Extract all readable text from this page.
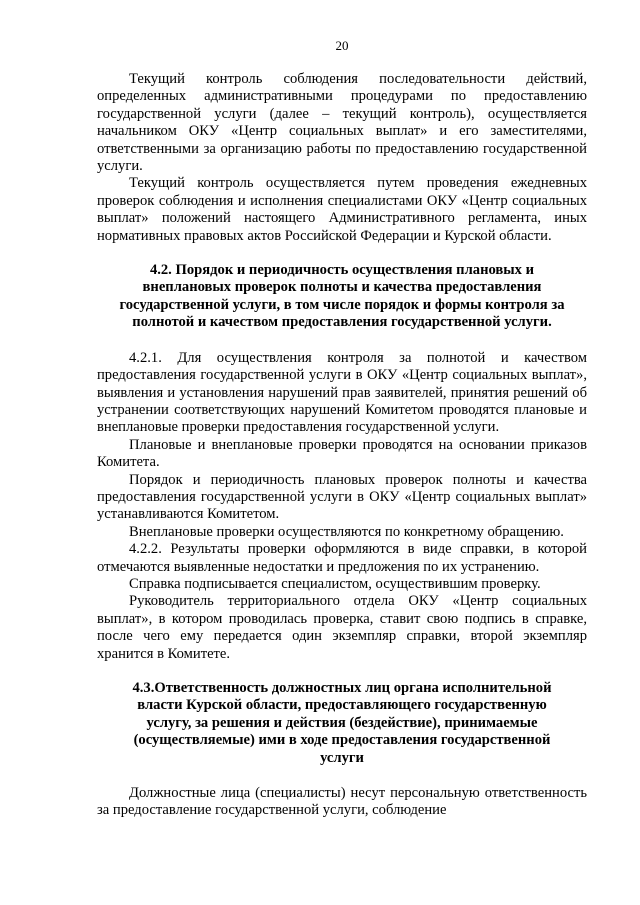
20

Текущий контроль соблюдения последовательности действий, определенных административными процедурами по предоставлению государственной услуги (далее – текущий контроль), осуществляется начальником ОКУ «Центр социальных выплат» и его заместителями, ответственными за организацию работы по предоставлению государственной услуги.

Текущий контроль осуществляется путем проведения ежедневных проверок соблюдения и исполнения специалистами ОКУ «Центр социальных выплат» положений настоящего Административного регламента, иных нормативных правовых актов Российской Федерации и Курской области.

4.2. Порядок и периодичность осуществления плановых и внеплановых проверок полноты и качества предоставления государственной услуги, в том числе порядок и формы контроля за полнотой и качеством предоставления государственной услуги.

4.2.1. Для осуществления контроля за полнотой и качеством предоставления государственной услуги в ОКУ «Центр социальных выплат», выявления и установления нарушений прав заявителей, принятия решений об устранении соответствующих нарушений Комитетом проводятся плановые и внеплановые проверки предоставления государственной услуги.

Плановые и внеплановые проверки проводятся на основании приказов Комитета.

Порядок и периодичность плановых проверок полноты и качества предоставления государственной услуги в ОКУ «Центр социальных выплат» устанавливаются Комитетом.

Внеплановые проверки осуществляются по конкретному обращению.

4.2.2. Результаты проверки оформляются в виде справки, в которой отмечаются выявленные недостатки и предложения по их устранению.

Справка подписывается специалистом, осуществившим проверку.

Руководитель территориального отдела ОКУ «Центр социальных выплат», в котором проводилась проверка, ставит свою подпись в справке, после чего ему передается один экземпляр справки, второй экземпляр хранится в Комитете.

4.3.Ответственность должностных лиц органа исполнительной власти Курской области, предоставляющего государственную услугу, за решения и действия (бездействие), принимаемые (осуществляемые) ими в ходе предоставления государственной услуги

Должностные лица (специалисты) несут персональную ответственность за предоставление государственной услуги, соблюдение
